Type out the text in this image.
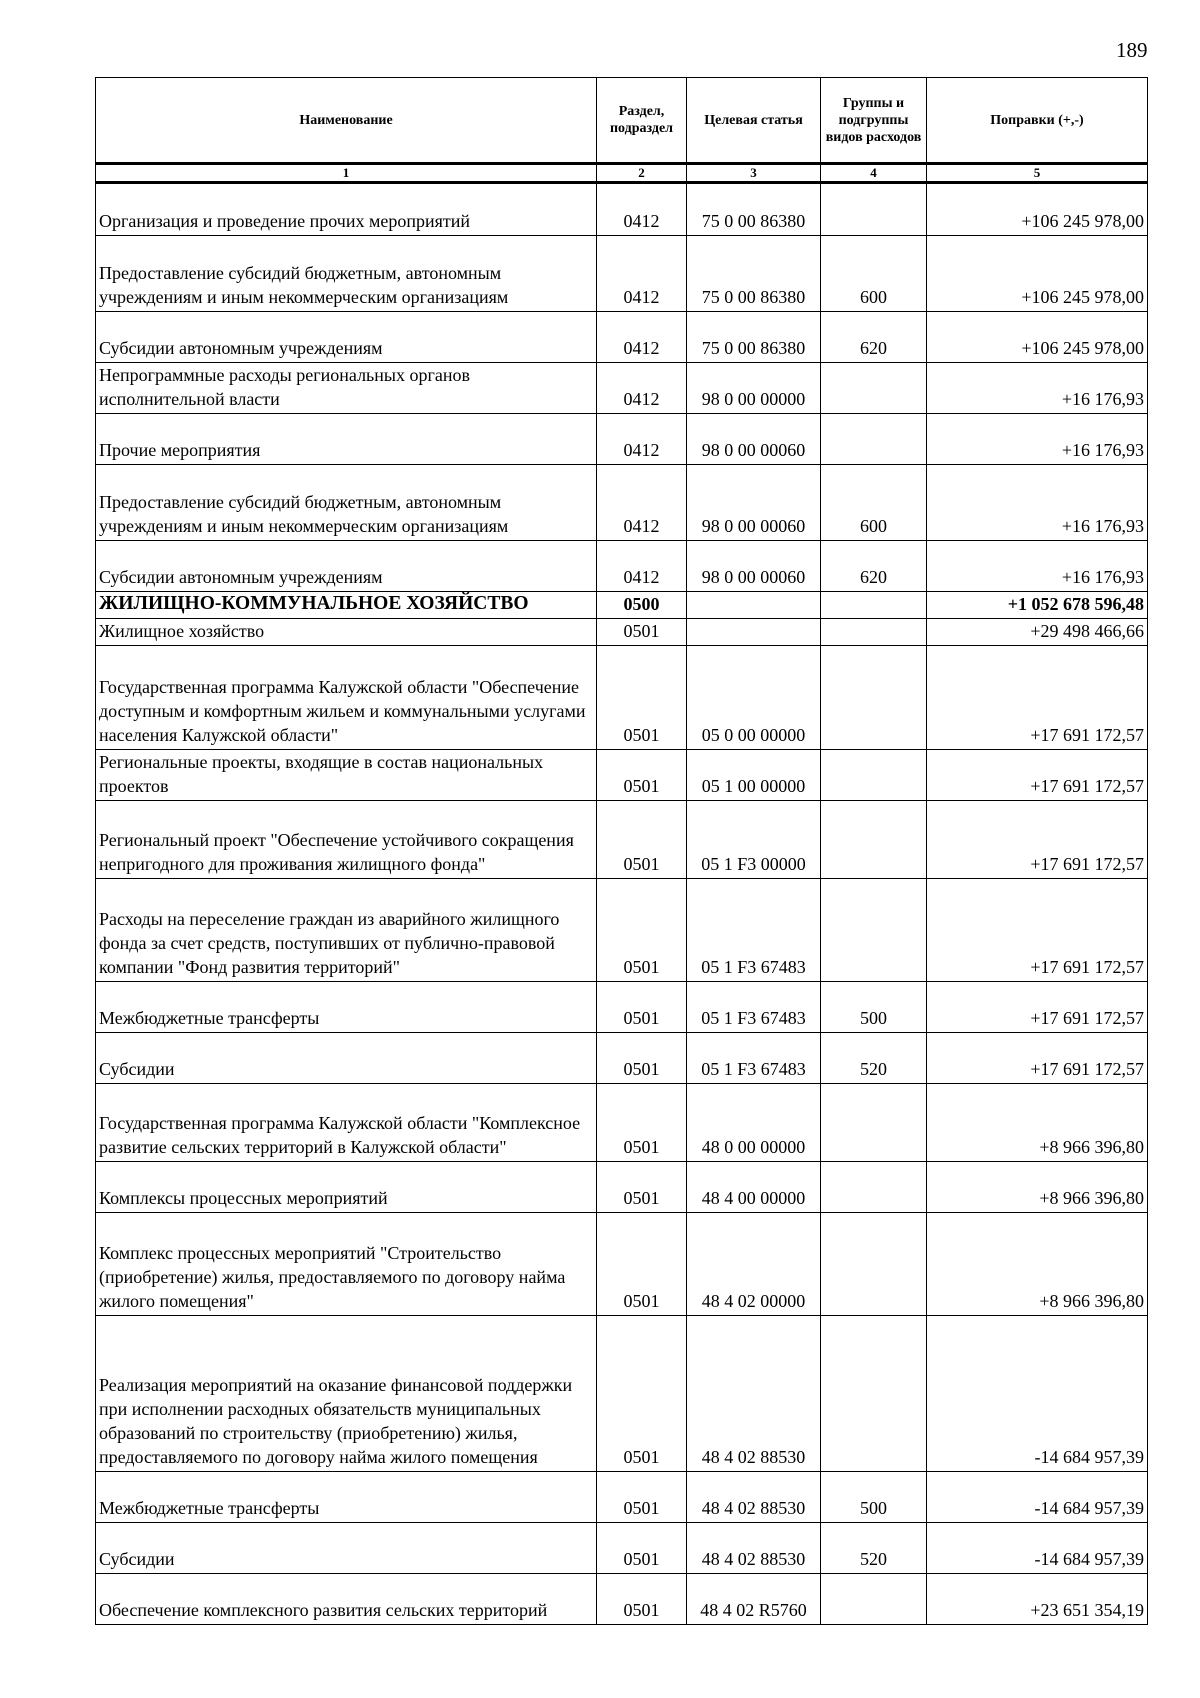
189
Наименование	Раздел, подраздел	Целевая статья	Группы и подгруппы видов расходов	Поправки (+,-)
1	2	3	4	5
Организация и проведение прочих мероприятий	0412	75 0 00 86380		+106 245 978,00
Предоставление субсидий бюджетным, автономным учреждениям и иным некоммерческим организациям	0412	75 0 00 86380	600	+106 245 978,00
Субсидии автономным учреждениям	0412	75 0 00 86380	620	+106 245 978,00
Непрограммные расходы региональных органов исполнительной власти	0412	98 0 00 00000		+16 176,93
Прочие мероприятия	0412	98 0 00 00060		+16 176,93
Предоставление субсидий бюджетным, автономным учреждениям и иным некоммерческим организациям	0412	98 0 00 00060	600	+16 176,93
Субсидии автономным учреждениям	0412	98 0 00 00060	620	+16 176,93
ЖИЛИЩНО-КОММУНАЛЬНОЕ ХОЗЯЙСТВО	0500			+1 052 678 596,48
Жилищное хозяйство	0501			+29 498 466,66
Государственная программа Калужской области "Обеспечение доступным и комфортным жильем и коммунальными услугами населения Калужской области"	0501	05 0 00 00000		+17 691 172,57
Региональные проекты, входящие в состав национальных проектов	0501	05 1 00 00000		+17 691 172,57
Региональный проект "Обеспечение устойчивого сокращения непригодного для проживания жилищного фонда"	0501	05 1 F3 00000		+17 691 172,57
Расходы на переселение граждан из аварийного жилищного фонда за счет средств, поступивших от публично-правовой компании "Фонд развития территорий"	0501	05 1 F3 67483		+17 691 172,57
Межбюджетные трансферты	0501	05 1 F3 67483	500	+17 691 172,57
Субсидии	0501	05 1 F3 67483	520	+17 691 172,57
Государственная программа Калужской области "Комплексное развитие сельских территорий в Калужской области"	0501	48 0 00 00000		+8 966 396,80
Комплексы процессных мероприятий	0501	48 4 00 00000		+8 966 396,80
Комплекс процессных мероприятий "Строительство (приобретение) жилья, предоставляемого по договору найма жилого помещения"	0501	48 4 02 00000		+8 966 396,80
Реализация мероприятий на оказание финансовой поддержки при исполнении расходных обязательств муниципальных образований по строительству (приобретению) жилья, предоставляемого по договору найма жилого помещения	0501	48 4 02 88530		-14 684 957,39
Межбюджетные трансферты	0501	48 4 02 88530	500	-14 684 957,39
Субсидии	0501	48 4 02 88530	520	-14 684 957,39
Обеспечение комплексного развития сельских территорий	0501	48 4 02 R5760		+23 651 354,19
